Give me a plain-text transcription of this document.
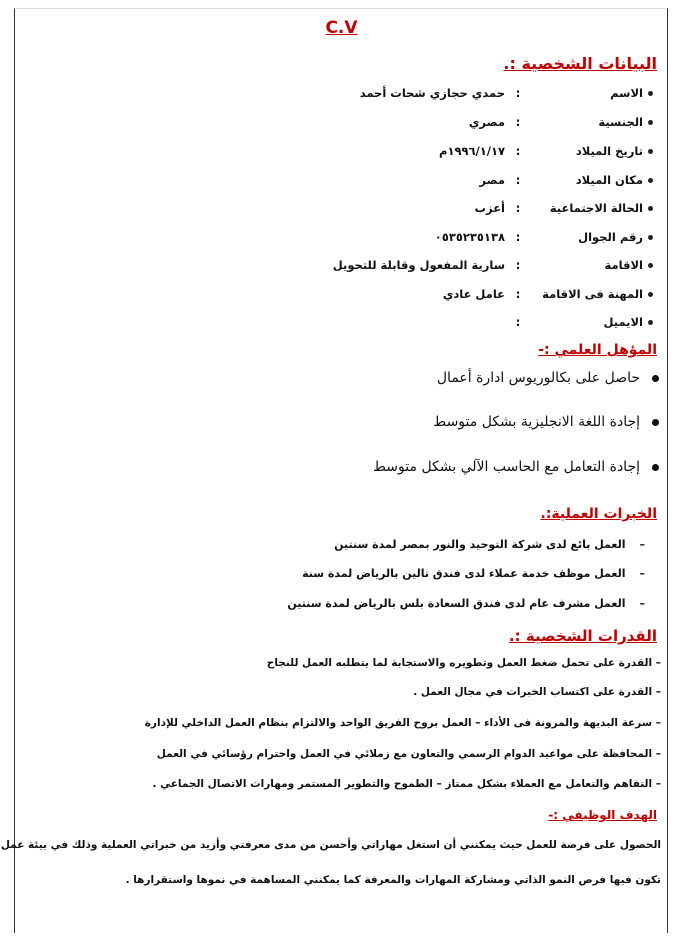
C.V
البيانات الشخصية :.
الاسم
:
حمدي حجازي شحات أحمد
الجنسية
:
مصري
تاريخ الميلاد
:
١٩٩٦/١/١٧م
مكان الميلاد
:
مصر
الحالة الاجتماعية
:
أعزب
رقم الجوال
:
٠٥٣٥٢٣٥١٣٨
الاقامة
:
سارية المفعول وقابلة للتحويل
المهنة فى الاقامة
:
عامل عادي
الايميل
:
المؤهل العلمي :-
حاصل على بكالوريوس ادارة أعمال
إجادة اللغة الانجليزية بشكل متوسط
إجادة التعامل مع الحاسب الآلي بشكل متوسط
الخبرات العملية:.
–العمل بائع لدى شركة التوحيد والنور بمصر لمدة سنتين
–العمل موظف خدمة عملاء لدى فندق تالين بالرياض لمدة سنة
–العمل مشرف عام لدى فندق السعادة بلس بالرياض لمدة سنتين
القدرات الشخصية :.
– القدرة على تحمل ضغط العمل وتطويره والاستجابة لما يتطلبه العمل للنجاح
– القدرة على اكتساب الخبرات في مجال العمل .
– سرعة البديهة والمرونة فى الأداء – العمل بروح الفريق الواحد والالتزام بنظام العمل الداخلي للإدارة
– المحافظة على مواعيد الدوام الرسمي والتعاون مع زملائي في العمل واحترام رؤسائي في العمل
– التفاهم والتعامل مع العملاء بشكل ممتاز – الطموح والتطوير المستمر ومهارات الاتصال الجماعي .
الهدف الوظيفي :-
الحصول على فرصة للعمل حيث يمكنني أن استغل مهاراتي وأحسن من مدى معرفتي وأزيد من خبراتي العملية وذلك في بيئة عمل
تكون فيها فرص النمو الذاتي ومشاركة المهارات والمعرفة كما يمكنني المساهمة في نموها واستقرارها .
